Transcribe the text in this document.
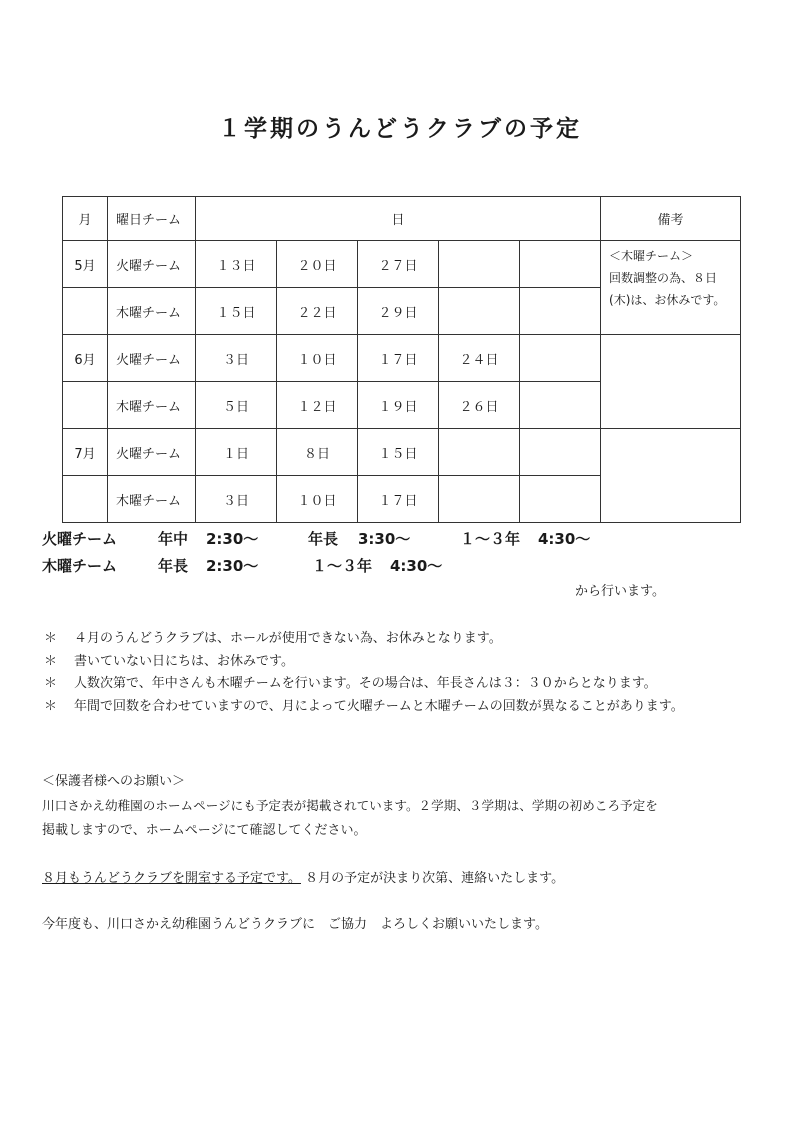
１学期のうんどうクラブの予定
月	曜日チーム	日					備考
5月	火曜チーム	１３日	２０日	２７日			＜木曜チーム＞
回数調整の為、８日
(木)は、お休みです。

	木曜チーム	１５日	２２日	２９日			
6月	火曜チーム	３日	１０日	１７日	２４日		
	木曜チーム	５日	１２日	１９日	２６日		
7月	火曜チーム	１日	８日	１５日			
	木曜チーム	３日	１０日	１７日			
火曜チーム	年中 2:30～	年長 3:30～	１～３年 4:30～
木曜チーム	年長 2:30～	１～３年 4:30～
から行います。
＊ ４月のうんどうクラブは、ホールが使用できない為、お休みとなります。
＊ 書いていない日にちは、お休みです。
＊ 人数次第で、年中さんも木曜チームを行います。その場合は、年長さんは３：３０からとなります。
＊ 年間で回数を合わせていますので、月によって火曜チームと木曜チームの回数が異なることがあります。
＜保護者様へのお願い＞
川口さかえ幼稚園のホームページにも予定表が掲載されています。２学期、３学期は、学期の初めころ予定を
掲載しますので、ホームページにて確認してください。
８月もうんどうクラブを開室する予定です。 ８月の予定が決まり次第、連絡いたします。
今年度も、川口さかえ幼稚園うんどうクラブに　ご協力　よろしくお願いいたします。
